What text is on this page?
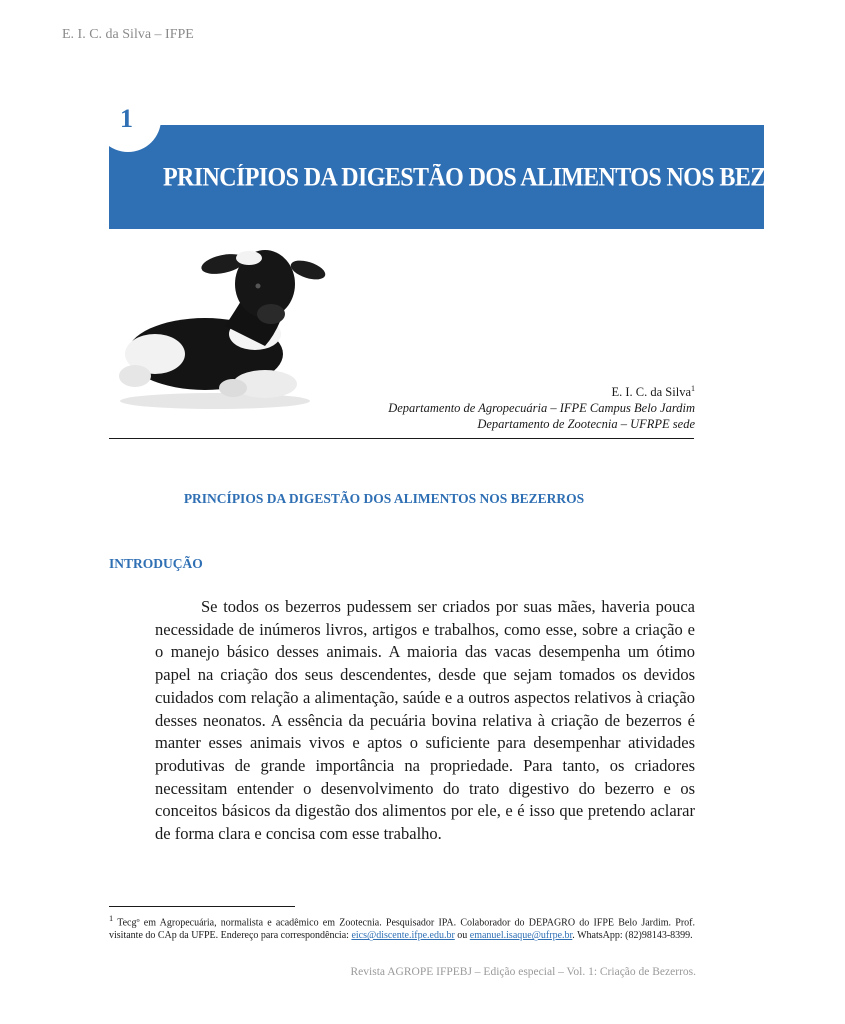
E. I. C. da Silva – IFPE
1
PRINCÍPIOS DA DIGESTÃO DOS ALIMENTOS NOS BEZERROS
E. I. C. da Silva$^1$
Departamento de Agropecuária – IFPE Campus Belo Jardim
Departamento de Zootecnia – UFRPE sede
PRINCÍPIOS DA DIGESTÃO DOS ALIMENTOS NOS BEZERROS
INTRODUÇÃO

Se todos os bezerros pudessem ser criados por suas mães, haveria pouca necessidade de inúmeros livros, artigos e trabalhos, como esse, sobre a criação e o manejo básico desses animais. A maioria das vacas desempenha um ótimo papel na criação dos seus descendentes, desde que sejam tomados os devidos cuidados com relação a alimentação, saúde e a outros aspectos relativos à criação desses neonatos. A essência da pecuária bovina relativa à criação de bezerros é manter esses animais vivos e aptos o suficiente para desempenhar atividades produtivas de grande importância na propriedade. Para tanto, os criadores necessitam entender o desenvolvimento do trato digestivo do bezerro e os conceitos básicos da digestão dos alimentos por ele, e é isso que pretendo aclarar de forma clara e concisa com esse trabalho.

$^1$ Tecgº em Agropecuária, normalista e acadêmico em Zootecnia. Pesquisador IPA. Colaborador do DEPAGRO do IFPE Belo Jardim. Prof. visitante do CAp da UFPE. Endereço para correspondência: eics@discente.ifpe.edu.br ou emanuel.isaque@ufrpe.br. WhatsApp: (82)98143-8399.
Revista AGROPE IFPEBJ – Edição especial – Vol. 1: Criação de Bezerros.
